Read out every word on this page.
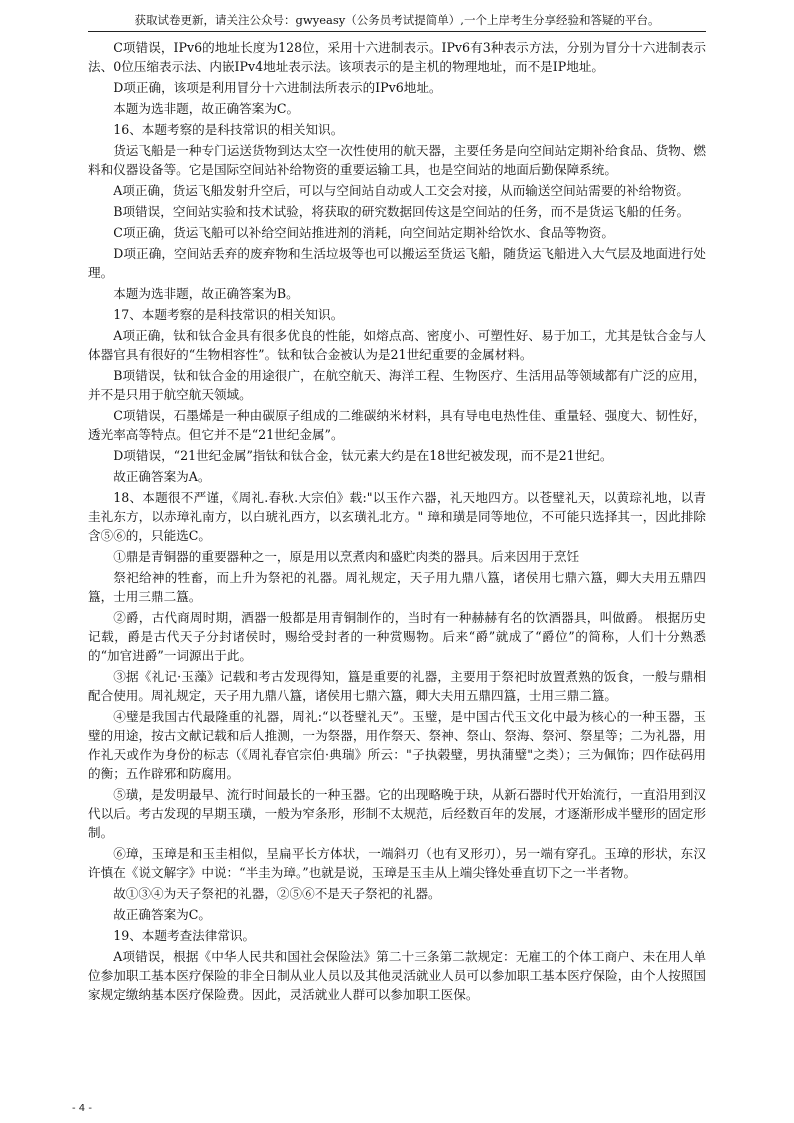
获取试卷更新，请关注公众号：gwyeasy（公务员考试提简单）,一个上岸考生分享经验和答疑的平台。

C项错误，IPv6的地址长度为128位，采用十六进制表示。IPv6有3种表示方法，分别为冒分十六进制表示法、0位压缩表示法、内嵌IPv4地址表示法。该项表示的是主机的物理地址，而不是IP地址。

D项正确，该项是利用冒分十六进制法所表示的IPv6地址。

本题为选非题，故正确答案为C。

16、本题考察的是科技常识的相关知识。

货运飞船是一种专门运送货物到达太空一次性使用的航天器，主要任务是向空间站定期补给食品、货物、燃料和仪器设备等。它是国际空间站补给物资的重要运输工具，也是空间站的地面后勤保障系统。

A项正确，货运飞船发射升空后，可以与空间站自动或人工交会对接，从而输送空间站需要的补给物资。

B项错误，空间站实验和技术试验，将获取的研究数据回传这是空间站的任务，而不是货运飞船的任务。

C项正确，货运飞船可以补给空间站推进剂的消耗，向空间站定期补给饮水、食品等物资。

D项正确，空间站丢弃的废弃物和生活垃圾等也可以搬运至货运飞船，随货运飞船进入大气层及地面进行处理。

本题为选非题，故正确答案为B。

17、本题考察的是科技常识的相关知识。

A项正确，钛和钛合金具有很多优良的性能，如熔点高、密度小、可塑性好、易于加工，尤其是钛合金与人体器官具有很好的“生物相容性”。钛和钛合金被认为是21世纪重要的金属材料。

B项错误，钛和钛合金的用途很广，在航空航天、海洋工程、生物医疗、生活用品等领域都有广泛的应用，并不是只用于航空航天领域。

C项错误，石墨烯是一种由碳原子组成的二维碳纳米材料，具有导电电热性佳、重量轻、强度大、韧性好，透光率高等特点。但它并不是“21世纪金属”。

D项错误，“21世纪金属”指钛和钛合金，钛元素大约是在18世纪被发现，而不是21世纪。

故正确答案为A。

18、本题很不严谨，《周礼.春秋.大宗伯》载:"以玉作六器，礼天地四方。以苍璧礼天，以黄琮礼地，以青圭礼东方，以赤璋礼南方，以白琥礼西方，以玄璜礼北方。" 璋和璜是同等地位，不可能只选择其一，因此排除含⑤⑥的，只能选C。

①鼎是青铜器的重要器种之一，原是用以烹煮肉和盛贮肉类的器具。后来因用于烹饪

祭祀给神的牲畜，而上升为祭祀的礼器。周礼规定，天子用九鼎八簋，诸侯用七鼎六簋，卿大夫用五鼎四簋，士用三鼎二簋。

②爵，古代商周时期，酒器一般都是用青铜制作的，当时有一种赫赫有名的饮酒器具，叫做爵。 根据历史记载，爵是古代天子分封诸侯时，赐给受封者的一种赏赐物。后来“爵”就成了“爵位”的简称，人们十分熟悉的“加官进爵”一词源出于此。

③据《礼记·玉藻》记载和考古发现得知，簋是重要的礼器，主要用于祭祀时放置煮熟的饭食，一般与鼎相配合使用。周礼规定，天子用九鼎八簋，诸侯用七鼎六簋，卿大夫用五鼎四簋，士用三鼎二簋。

④璧是我国古代最隆重的礼器，周礼:“以苍璧礼天”。玉璧，是中国古代玉文化中最为核心的一种玉器，玉璧的用途，按古文献记载和后人推测，一为祭器，用作祭天、祭神、祭山、祭海、祭河、祭星等；二为礼器，用作礼天或作为身份的标志（《周礼春官宗伯·典瑞》所云："子执榖璧，男执蒲璧"之类）；三为佩饰；四作砝码用的衡；五作辟邪和防腐用。

⑤璜，是发明最早、流行时间最长的一种玉器。它的出现略晚于玦，从新石器时代开始流行，一直沿用到汉代以后。考古发现的早期玉璜，一般为窄条形，形制不太规范，后经数百年的发展，才逐渐形成半璧形的固定形制。

⑥璋，玉璋是和玉圭相似，呈扁平长方体状，一端斜刃（也有叉形刃），另一端有穿孔。玉璋的形状，东汉许慎在《说文解字》中说：“半圭为璋。”也就是说，玉璋是玉圭从上端尖锋处垂直切下之一半者物。

故①③④为天子祭祀的礼器，②⑤⑥不是天子祭祀的礼器。

故正确答案为C。

19、本题考查法律常识。

A项错误，根据《中华人民共和国社会保险法》第二十三条第二款规定：无雇工的个体工商户、未在用人单位参加职工基本医疗保险的非全日制从业人员以及其他灵活就业人员可以参加职工基本医疗保险，由个人按照国家规定缴纳基本医疗保险费。因此，灵活就业人群可以参加职工医保。

- 4 -
